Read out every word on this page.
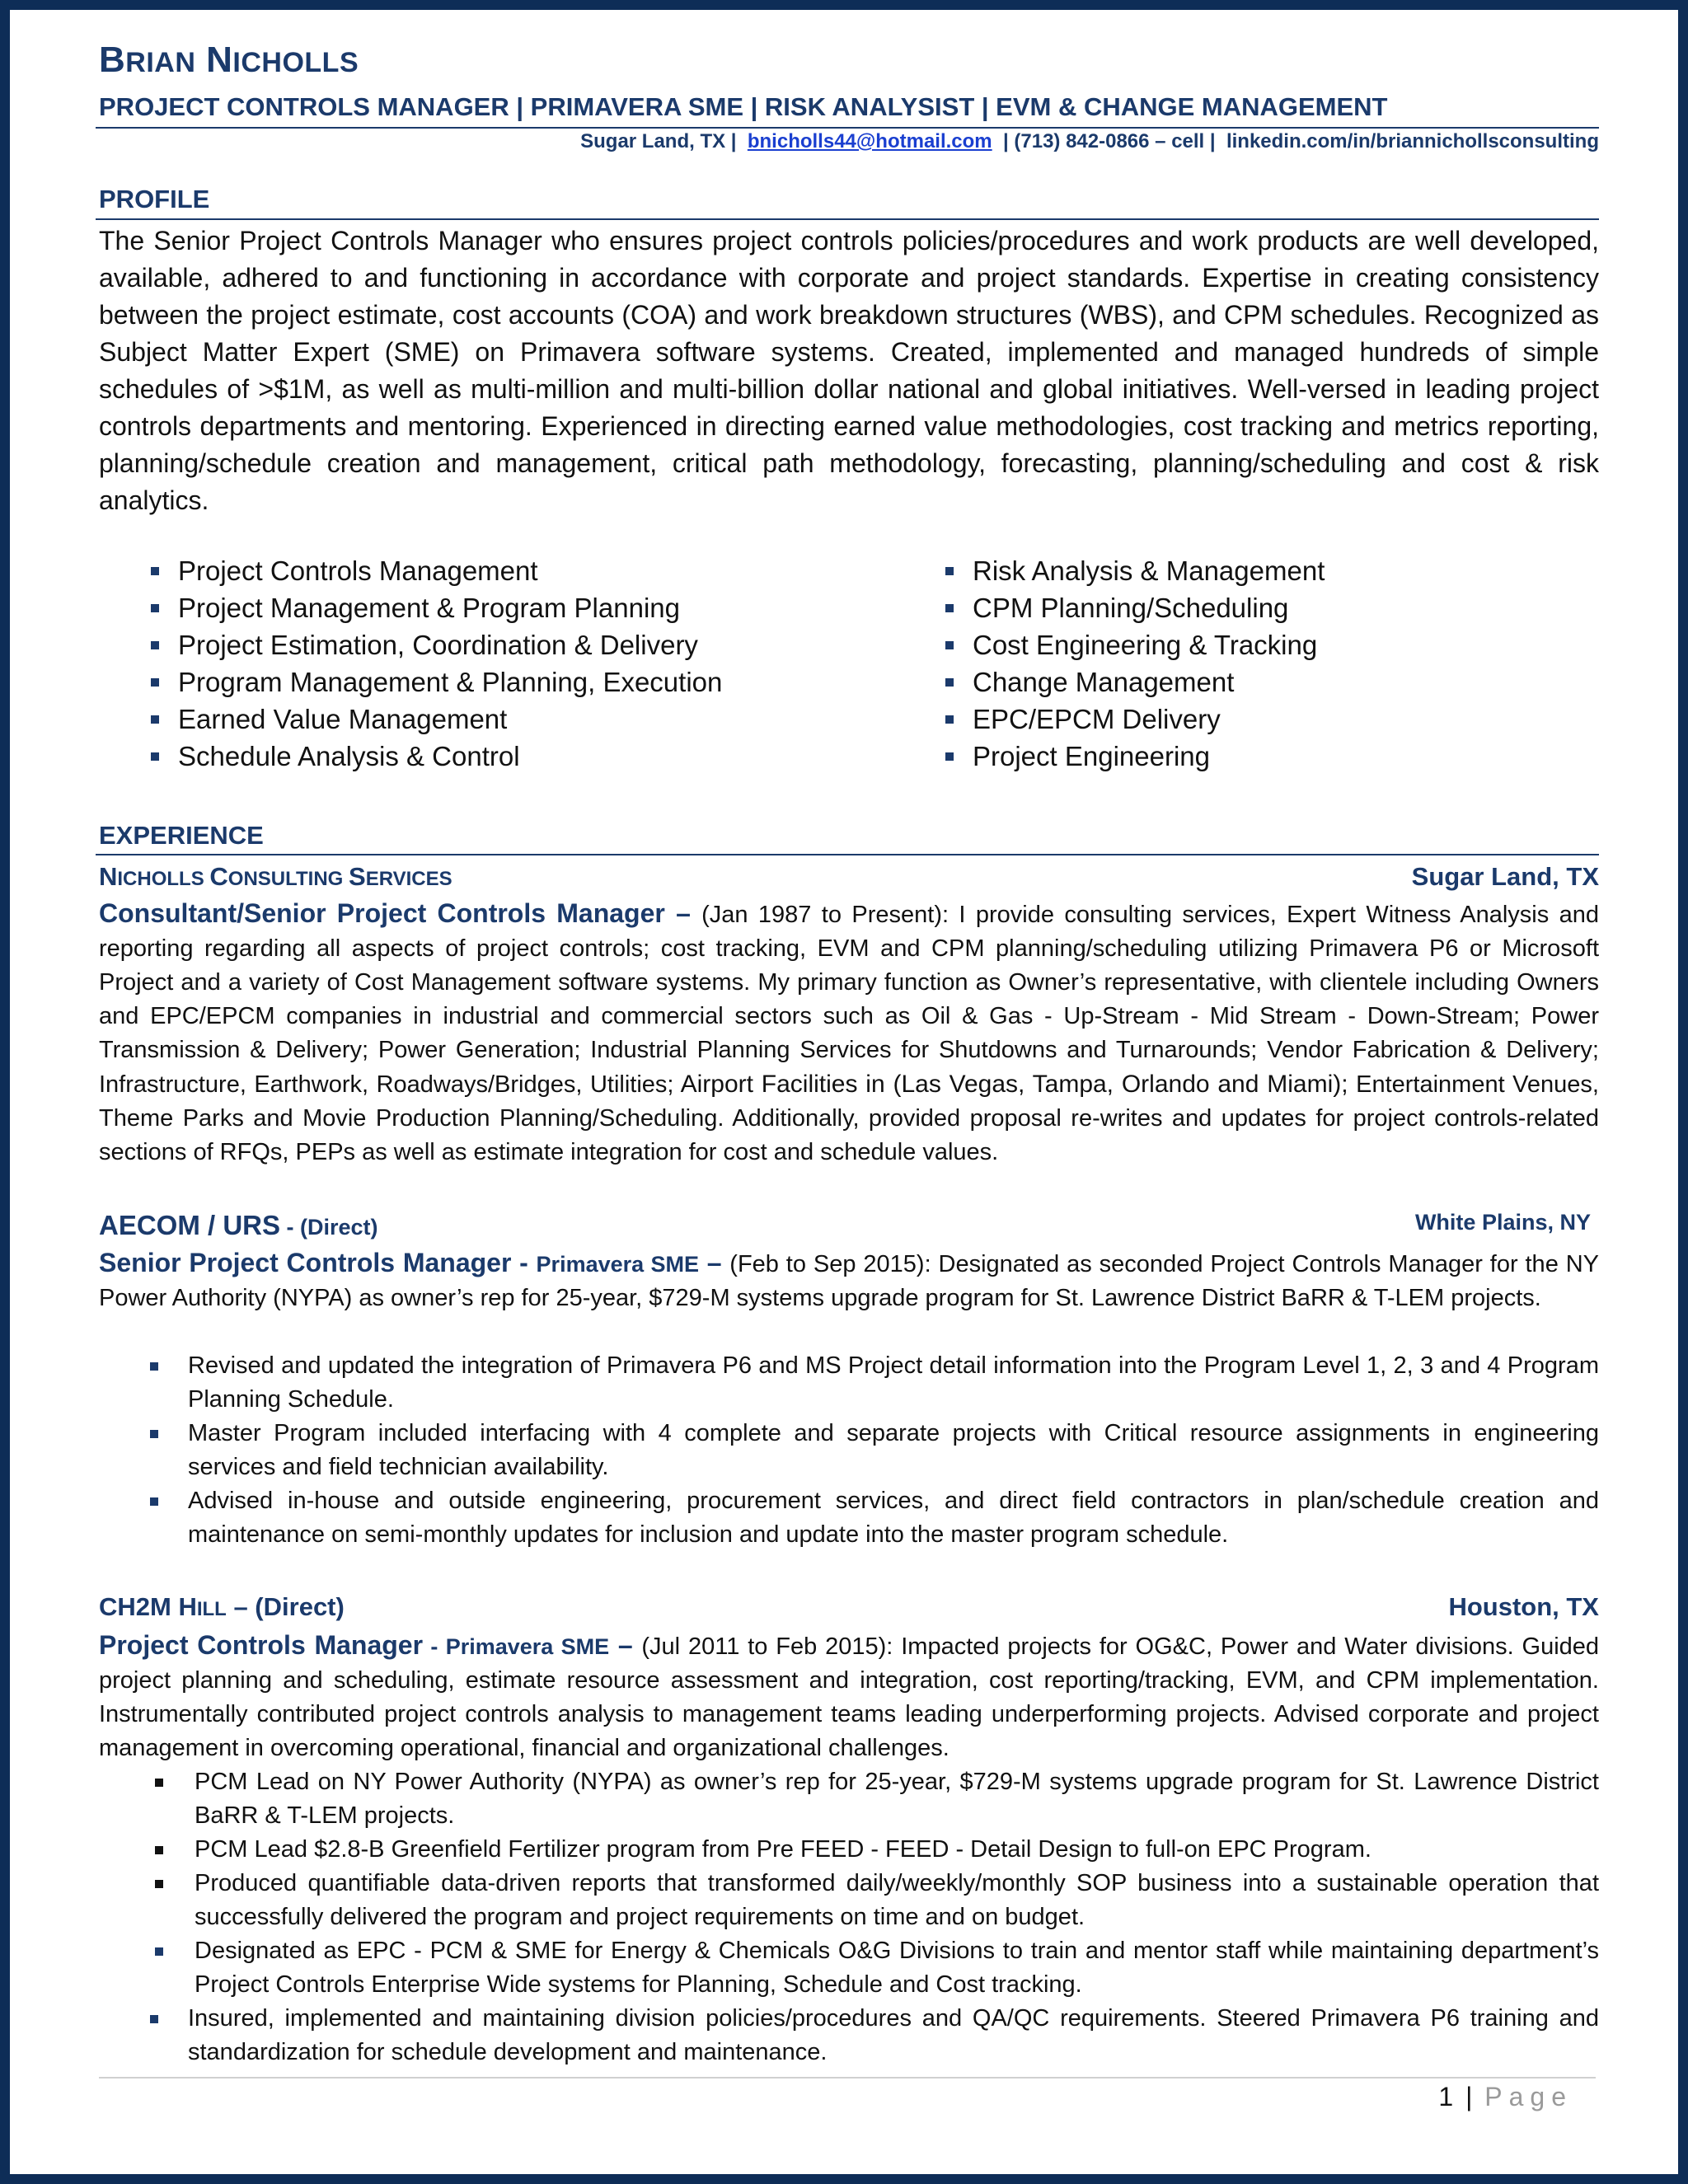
BRIAN NICHOLLS
PROJECT CONTROLS MANAGER | PRIMAVERA SME | RISK ANALYSIST | EVM & CHANGE MANAGEMENT
Sugar Land, TX | bnicholls44@hotmail.com | (713) 842-0866 – cell | linkedin.com/in/briannichollsconsulting
PROFILE
The Senior Project Controls Manager who ensures project controls policies/procedures and work products are well developed, available, adhered to and functioning in accordance with corporate and project standards. Expertise in creating consistency between the project estimate, cost accounts (COA) and work breakdown structures (WBS), and CPM schedules. Recognized as Subject Matter Expert (SME) on Primavera software systems. Created, implemented and managed hundreds of simple schedules of >$1M, as well as multi-million and multi-billion dollar national and global initiatives. Well-versed in leading project controls departments and mentoring. Experienced in directing earned value methodologies, cost tracking and metrics reporting, planning/schedule creation and management, critical path methodology, forecasting, planning/scheduling and cost & risk analytics.
Project Controls Management
Project Management & Program Planning
Project Estimation, Coordination & Delivery
Program Management & Planning, Execution
Earned Value Management
Schedule Analysis & Control
Risk Analysis & Management
CPM Planning/Scheduling
Cost Engineering & Tracking
Change Management
EPC/EPCM Delivery
Project Engineering
EXPERIENCE
NICHOLLS CONSULTING SERVICES	Sugar Land, TX
Consultant/Senior Project Controls Manager – (Jan 1987 to Present): I provide consulting services, Expert Witness Analysis and reporting regarding all aspects of project controls; cost tracking, EVM and CPM planning/scheduling utilizing Primavera P6 or Microsoft Project and a variety of Cost Management software systems. My primary function as Owner’s representative, with clientele including Owners and EPC/EPCM companies in industrial and commercial sectors such as Oil & Gas - Up-Stream - Mid Stream - Down-Stream; Power Transmission & Delivery; Power Generation; Industrial Planning Services for Shutdowns and Turnarounds; Vendor Fabrication & Delivery; Infrastructure, Earthwork, Roadways/Bridges, Utilities; Airport Facilities in (Las Vegas, Tampa, Orlando and Miami); Entertainment Venues, Theme Parks and Movie Production Planning/Scheduling. Additionally, provided proposal re-writes and updates for project controls-related sections of RFQs, PEPs as well as estimate integration for cost and schedule values.
AECOM / URS - (Direct)	White Plains, NY
Senior Project Controls Manager - Primavera SME – (Feb to Sep 2015): Designated as seconded Project Controls Manager for the NY Power Authority (NYPA) as owner’s rep for 25-year, $729-M systems upgrade program for St. Lawrence District BaRR & T-LEM projects.
Revised and updated the integration of Primavera P6 and MS Project detail information into the Program Level 1, 2, 3 and 4 Program Planning Schedule.
Master Program included interfacing with 4 complete and separate projects with Critical resource assignments in engineering services and field technician availability.
Advised in-house and outside engineering, procurement services, and direct field contractors in plan/schedule creation and maintenance on semi-monthly updates for inclusion and update into the master program schedule.
CH2M HILL – (Direct)	Houston, TX
Project Controls Manager - Primavera SME – (Jul 2011 to Feb 2015): Impacted projects for OG&C, Power and Water divisions. Guided project planning and scheduling, estimate resource assessment and integration, cost reporting/tracking, EVM, and CPM implementation. Instrumentally contributed project controls analysis to management teams leading underperforming projects. Advised corporate and project management in overcoming operational, financial and organizational challenges.
PCM Lead on NY Power Authority (NYPA) as owner’s rep for 25-year, $729-M systems upgrade program for St. Lawrence District BaRR & T-LEM projects.
PCM Lead $2.8-B Greenfield Fertilizer program from Pre FEED - FEED - Detail Design to full-on EPC Program.
Produced quantifiable data-driven reports that transformed daily/weekly/monthly SOP business into a sustainable operation that successfully delivered the program and project requirements on time and on budget.
Designated as EPC - PCM & SME for Energy & Chemicals O&G Divisions to train and mentor staff while maintaining department’s Project Controls Enterprise Wide systems for Planning, Schedule and Cost tracking.
Insured, implemented and maintaining division policies/procedures and QA/QC requirements. Steered Primavera P6 training and standardization for schedule development and maintenance.
1 | Page
